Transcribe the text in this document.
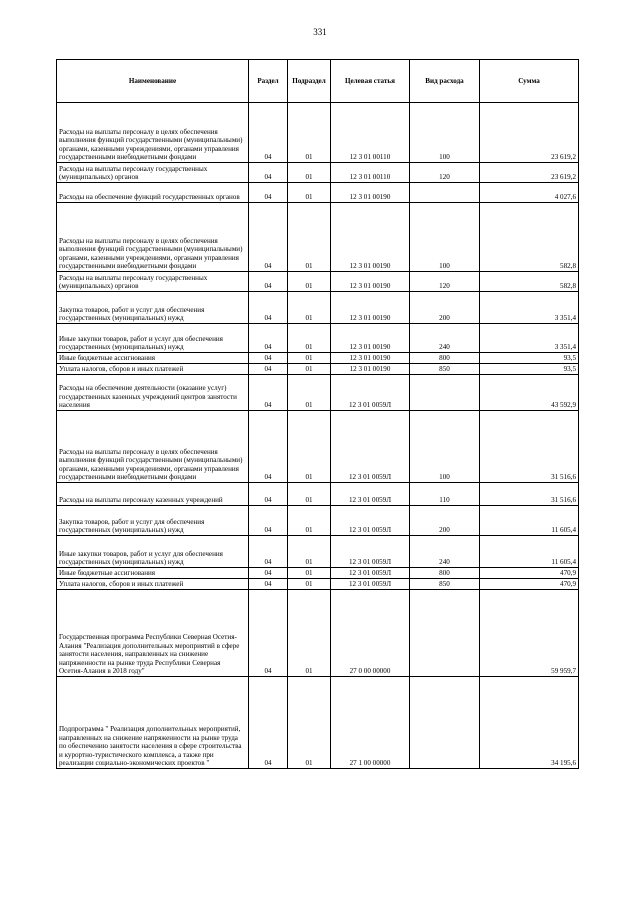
331
Наименование	Раздел	Подраздел	Целевая статья	Вид расхода	Сумма
Расходы на выплаты персоналу в целях обеспечения выполнения функций государственными (муниципальными) органами, казенными учреждениями, органами управления государственными внебюджетными фондами	04	01	12 3 01 00110	100	23 619,2
Расходы на выплаты персоналу государственных (муниципальных) органов	04	01	12 3 01 00110	120	23 619,2
Расходы на обеспечение функций государственных органов	04	01	12 3 01 00190		4 027,6
Расходы на выплаты персоналу в целях обеспечения выполнения функций государственными (муниципальными) органами, казенными учреждениями, органами управления государственными внебюджетными фондами	04	01	12 3 01 00190	100	582,8
Расходы на выплаты персоналу государственных (муниципальных) органов	04	01	12 3 01 00190	120	582,8
Закупка товаров, работ и услуг для обеспечения государственных (муниципальных) нужд	04	01	12 3 01 00190	200	3 351,4
Иные закупки товаров, работ и услуг для обеспечения государственных (муниципальных) нужд	04	01	12 3 01 00190	240	3 351,4
Иные бюджетные ассигнования	04	01	12 3 01 00190	800	93,5
Уплата налогов, сборов и иных платежей	04	01	12 3 01 00190	850	93,5
Расходы на обеспечение деятельности (оказание услуг) государственных казенных учреждений центров занятости населения	04	01	12 3 01 0059Л		43 592,9
Расходы на выплаты персоналу в целях обеспечения выполнения функций государственными (муниципальными) органами, казенными учреждениями, органами управления государственными внебюджетными фондами	04	01	12 3 01 0059Л	100	31 516,6
Расходы на выплаты персоналу казенных учреждений	04	01	12 3 01 0059Л	110	31 516,6
Закупка товаров, работ и услуг для обеспечения государственных (муниципальных) нужд	04	01	12 3 01 0059Л	200	11 605,4
Иные закупки товаров, работ и услуг для обеспечения государственных (муниципальных) нужд	04	01	12 3 01 0059Л	240	11 605,4
Иные бюджетные ассигнования	04	01	12 3 01 0059Л	800	470,9
Уплата налогов, сборов и иных платежей	04	01	12 3 01 0059Л	850	470,9
Государственная программа Республики Северная Осетия-Алания "Реализация дополнительных мероприятий в сфере занятости населения, направленных на снижение напряженности на рынке труда Республики Северная Осетия-Алания в 2018 году"	04	01	27 0 00 00000		59 959,7
Подпрограмма " Реализация дополнительных мероприятий, направленных на снижение напряженности на рынке труда по обеспечению занятости населения в сфере строительства и курортно-туристического комплекса, а также при реализации социально-экономических проектов "	04	01	27 1 00 00000		34 195,6
